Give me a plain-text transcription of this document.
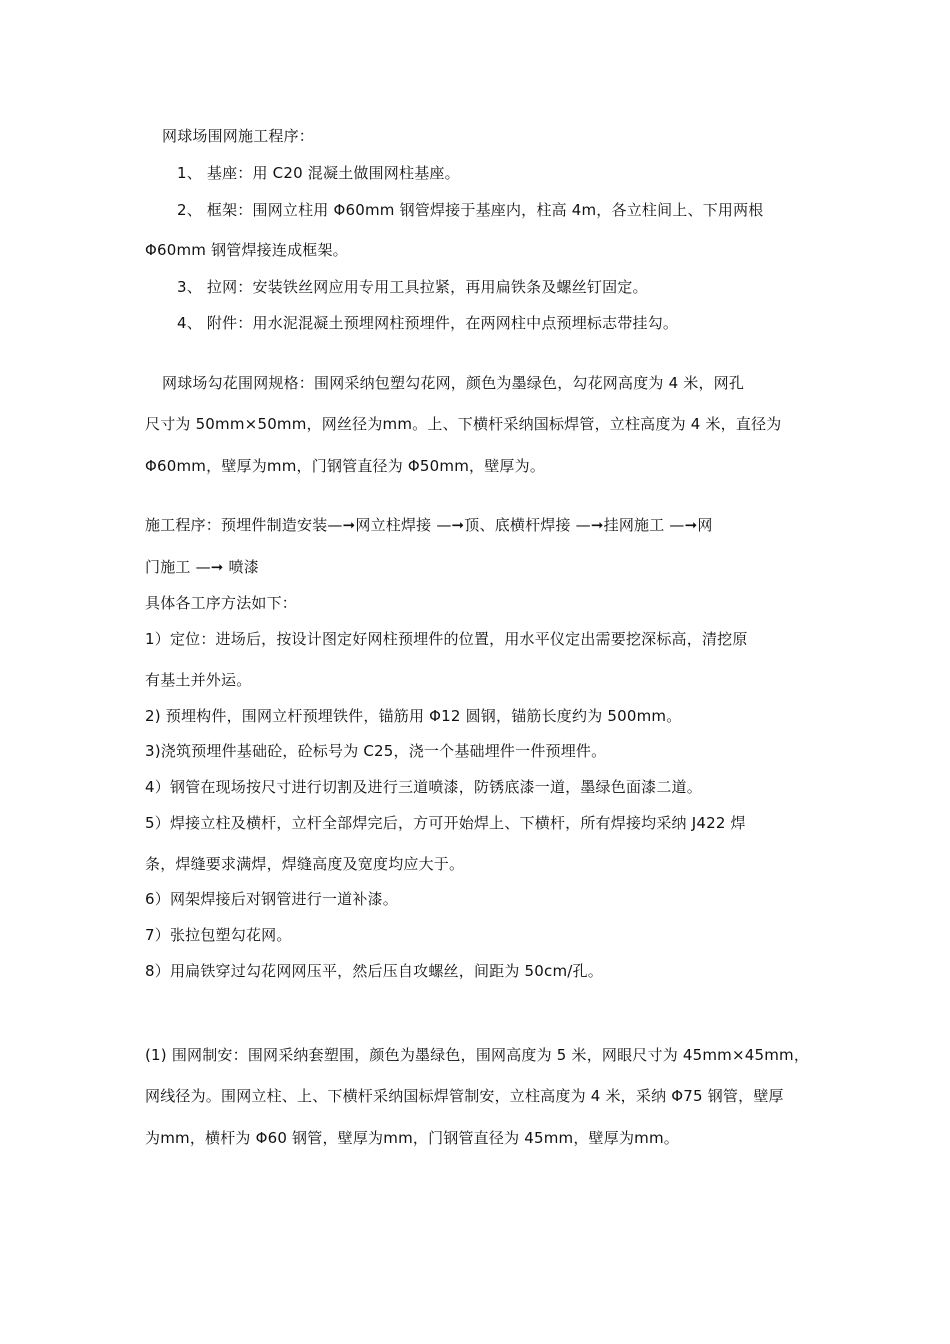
网球场围网施工程序：
1、 基座：用 C20 混凝土做围网柱基座。
2、 框架：围网立柱用 Φ60mm 钢管焊接于基座内，柱高 4m，各立柱间上、下用两根
Φ60mm 钢管焊接连成框架。
3、 拉网：安装铁丝网应用专用工具拉紧，再用扁铁条及螺丝钉固定。
4、 附件：用水泥混凝土预埋网柱预埋件，在两网柱中点预埋标志带挂勾。
网球场勾花围网规格：围网采纳包塑勾花网，颜色为墨绿色，勾花网高度为 4 米，网孔
尺寸为 50mm×50mm，网丝径为mm。上、下横杆采纳国标焊管，立柱高度为 4 米，直径为
Φ60mm，壁厚为mm，门钢管直径为 Φ50mm，壁厚为。
施工程序：预埋件制造安装—➞网立柱焊接 —➞顶、底横杆焊接 —➞挂网施工 —➞网
门施工 —➞ 喷漆
具体各工序方法如下：
1）定位：进场后，按设计图定好网柱预埋件的位置，用水平仪定出需要挖深标高，清挖原
有基土并外运。
2) 预埋构件，围网立杆预埋铁件，锚筋用 Φ12 圆钢，锚筋长度约为 500mm。
3)浇筑预埋件基础砼，砼标号为 C25，浇一个基础埋件一件预埋件。
4）钢管在现场按尺寸进行切割及进行三道喷漆，防锈底漆一道，墨绿色面漆二道。
5）焊接立柱及横杆，立杆全部焊完后，方可开始焊上、下横杆，所有焊接均采纳 J422 焊
条，焊缝要求满焊，焊缝高度及宽度均应大于。
6）网架焊接后对钢管进行一道补漆。
7）张拉包塑勾花网。
8）用扁铁穿过勾花网网压平，然后压自攻螺丝，间距为 50cm/孔。
(1) 围网制安：围网采纳套塑围，颜色为墨绿色，围网高度为 5 米，网眼尺寸为 45mm×45mm，
网线径为。围网立柱、上、下横杆采纳国标焊管制安，立柱高度为 4 米，采纳 Φ75 钢管，壁厚
为mm，横杆为 Φ60 钢管，壁厚为mm，门钢管直径为 45mm，壁厚为mm。
